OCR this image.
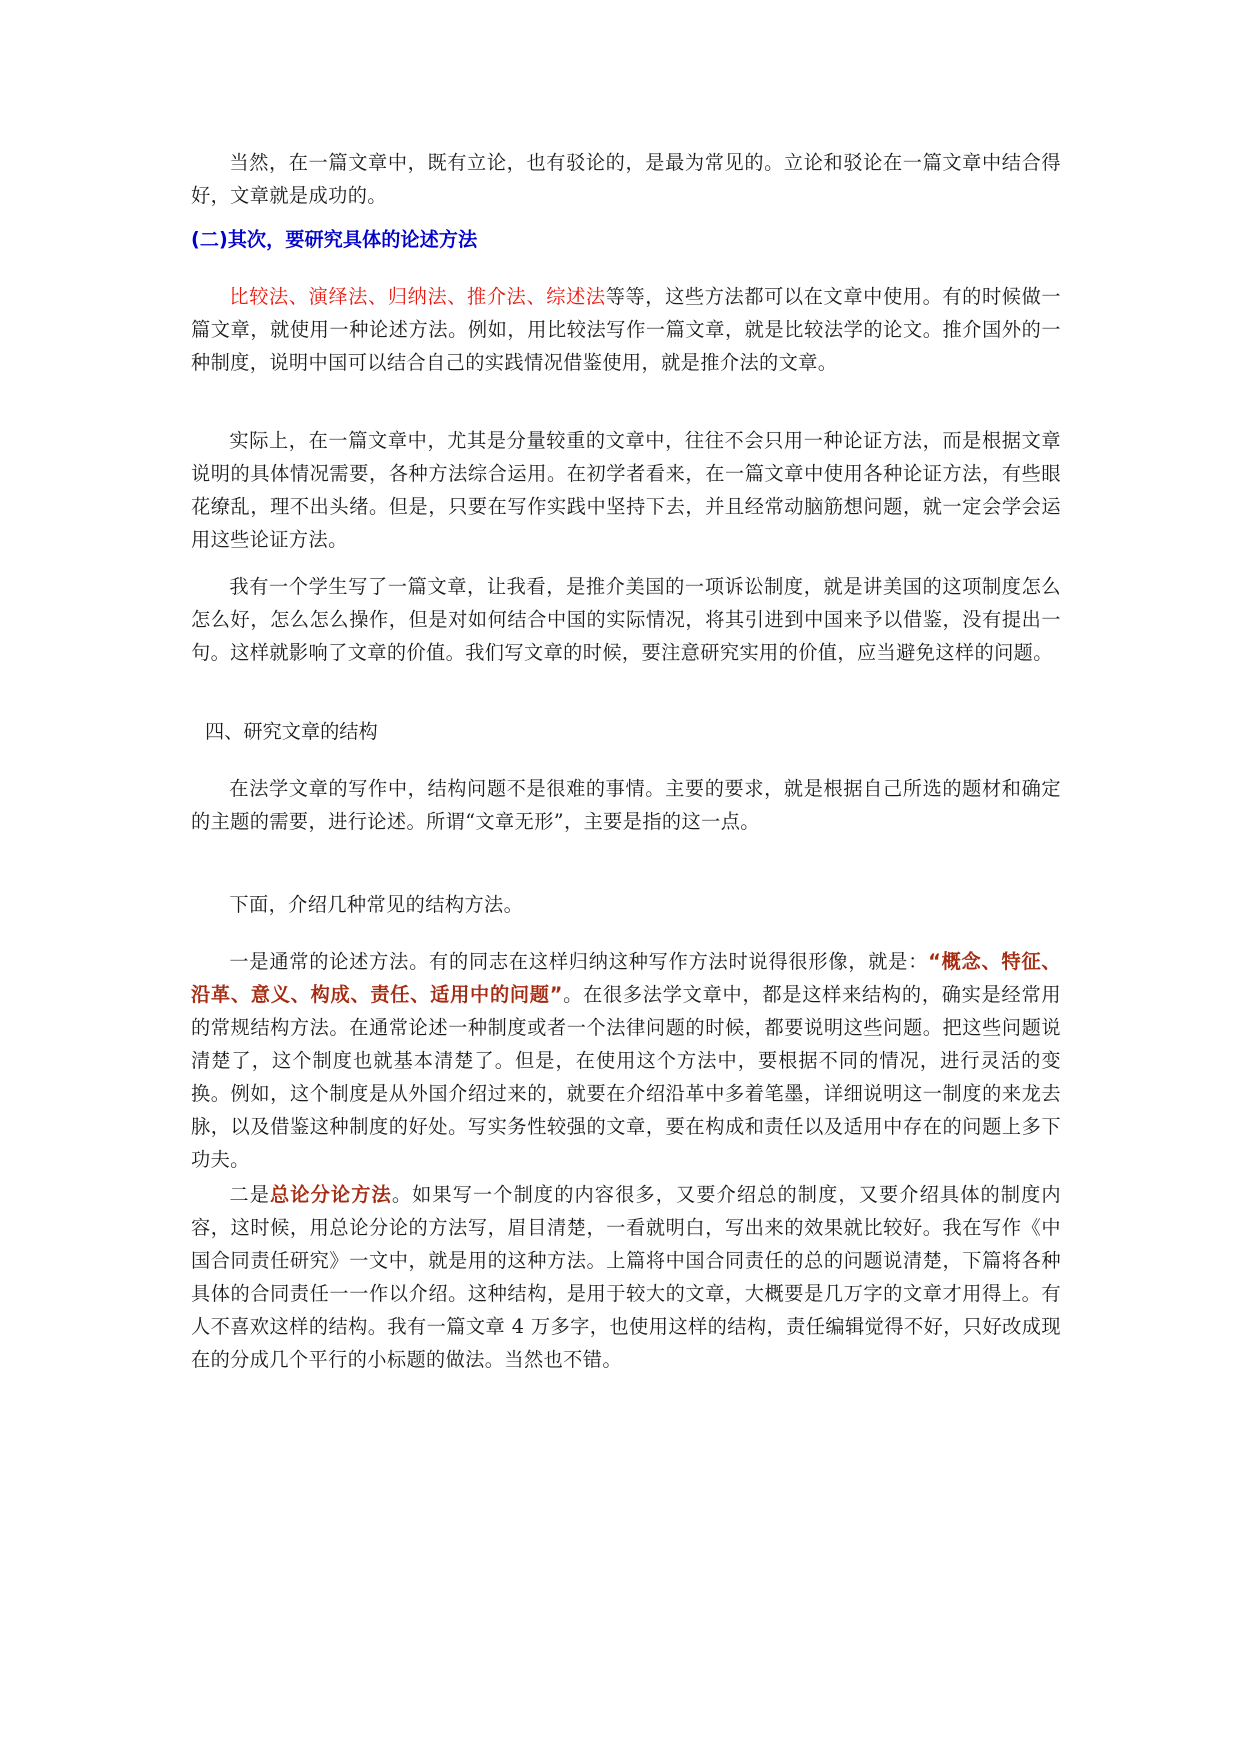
当然，在一篇文章中，既有立论，也有驳论的，是最为常见的。立论和驳论在一篇文章中结合得好，文章就是成功的。

(二)其次，要研究具体的论述方法

比较法、演绎法、归纳法、推介法、综述法等等，这些方法都可以在文章中使用。有的时候做一篇文章，就使用一种论述方法。例如，用比较法写作一篇文章，就是比较法学的论文。推介国外的一种制度，说明中国可以结合自己的实践情况借鉴使用，就是推介法的文章。

实际上，在一篇文章中，尤其是分量较重的文章中，往往不会只用一种论证方法，而是根据文章说明的具体情况需要，各种方法综合运用。在初学者看来，在一篇文章中使用各种论证方法，有些眼花缭乱，理不出头绪。但是，只要在写作实践中坚持下去，并且经常动脑筋想问题，就一定会学会运用这些论证方法。

我有一个学生写了一篇文章，让我看，是推介美国的一项诉讼制度，就是讲美国的这项制度怎么怎么好，怎么怎么操作，但是对如何结合中国的实际情况，将其引进到中国来予以借鉴，没有提出一句。这样就影响了文章的价值。我们写文章的时候，要注意研究实用的价值，应当避免这样的问题。

四、研究文章的结构

在法学文章的写作中，结构问题不是很难的事情。主要的要求，就是根据自己所选的题材和确定的主题的需要，进行论述。所谓“文章无形”，主要是指的这一点。

下面，介绍几种常见的结构方法。

一是通常的论述方法。有的同志在这样归纳这种写作方法时说得很形像，就是：“概念、特征、沿革、意义、构成、责任、适用中的问题”。在很多法学文章中，都是这样来结构的，确实是经常用的常规结构方法。在通常论述一种制度或者一个法律问题的时候，都要说明这些问题。把这些问题说清楚了，这个制度也就基本清楚了。但是，在使用这个方法中，要根据不同的情况，进行灵活的变换。例如，这个制度是从外国介绍过来的，就要在介绍沿革中多着笔墨，详细说明这一制度的来龙去脉，以及借鉴这种制度的好处。写实务性较强的文章，要在构成和责任以及适用中存在的问题上多下功夫。

二是总论分论方法。如果写一个制度的内容很多，又要介绍总的制度，又要介绍具体的制度内容，这时候，用总论分论的方法写，眉目清楚，一看就明白，写出来的效果就比较好。我在写作《中国合同责任研究》一文中，就是用的这种方法。上篇将中国合同责任的总的问题说清楚，下篇将各种具体的合同责任一一作以介绍。这种结构，是用于较大的文章，大概要是几万字的文章才用得上。有人不喜欢这样的结构。我有一篇文章 4 万多字，也使用这样的结构，责任编辑觉得不好，只好改成现在的分成几个平行的小标题的做法。当然也不错。
